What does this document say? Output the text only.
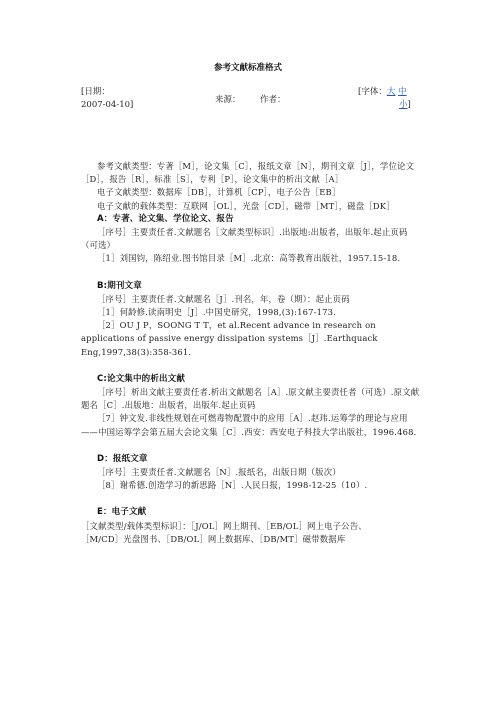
参考文献标准格式
[日期：
2007-04-10]	来源： 作者：
[字体：大 中
小]

参考文献类型：专著［M］，论文集［C］，报纸文章［N］，期刊文章［J］，学位论文［D］，报告［R］，标准［S］，专利［P］，论文集中的析出文献［A］

电子文献类型：数据库［DB］，计算机［CP］，电子公告［EB］

电子文献的载体类型：互联网［OL］，光盘［CD］，磁带［MT］，磁盘［DK］

A：专著、论文集、学位论文、报告

［序号］主要责任者.文献题名［文献类型标识］.出版地:出版者，出版年.起止页码（可选）

［1］刘国钧，陈绍业.图书馆目录［M］.北京：高等教育出版社，1957.15-18.

B:期刊文章

［序号］主要责任者.文献题名［J］.刊名，年，卷（期）：起止页码

［1］何龄修.读南明史［J］.中国史研究，1998,(3):167-173.

［2］OU J P，SOONG T T，et al.Recent advance in research on applications of passive energy dissipation systems［J］.Earthquack Eng,1997,38(3):358-361.

C:论文集中的析出文献

［序号］析出文献主要责任者.析出文献题名［A］.原文献主要责任者（可选）.原文献题名［C］.出版地：出版者，出版年.起止页码

［7］钟文发.非线性规划在可燃毒物配置中的应用［A］.赵玮.运筹学的理论与应用——中国运筹学会第五届大会论文集［C］.西安：西安电子科技大学出版社，1996.468.

D：报纸文章

［序号］主要责任者.文献题名［N］.报纸名，出版日期（版次）

［8］谢希德.创造学习的新思路［N］.人民日报，1998-12-25（10）.

E：电子文献

［文献类型/载体类型标识］：［J/OL］网上期刊、［EB/OL］网上电子公告、

［M/CD］光盘图书、［DB/OL］网上数据库、［DB/MT］磁带数据库
